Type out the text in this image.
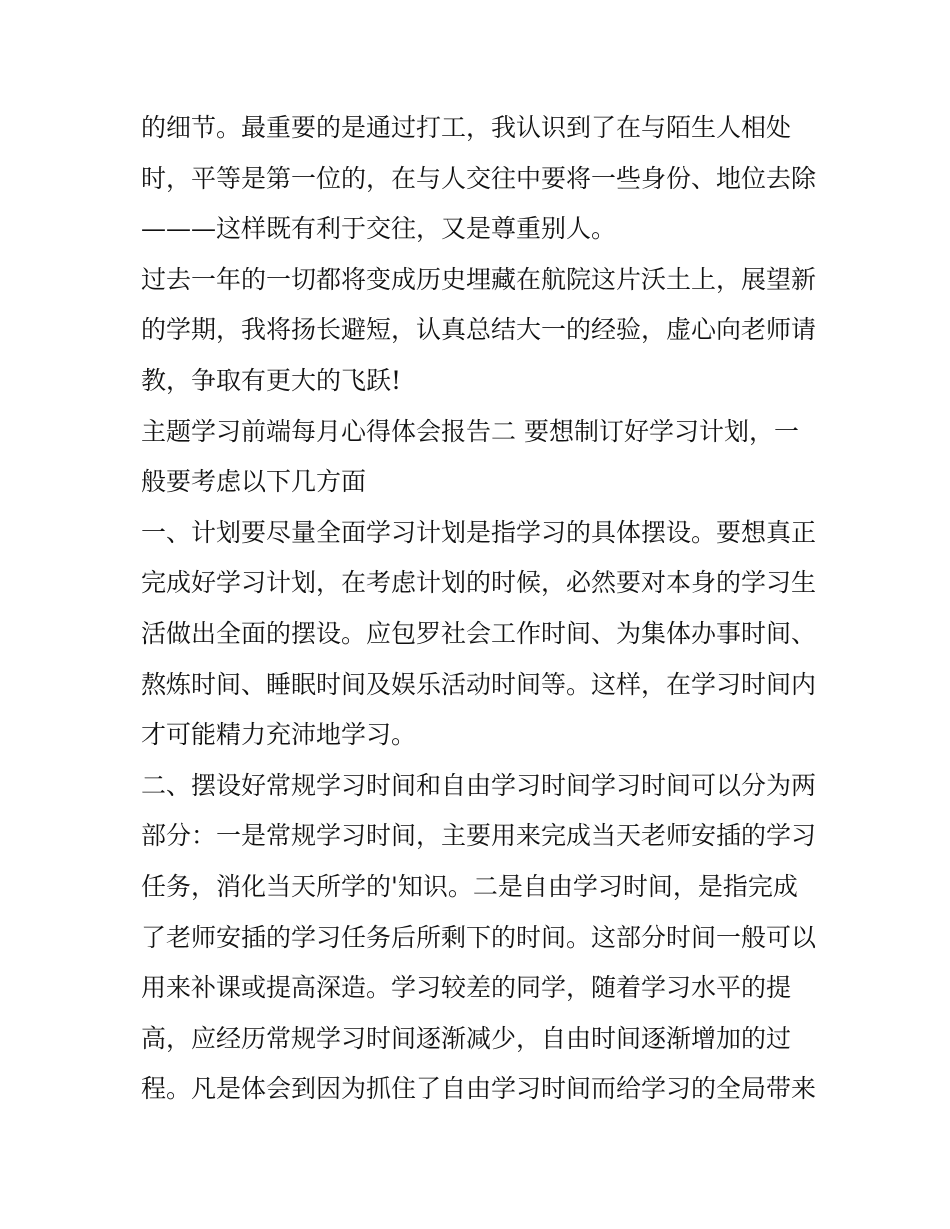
的细节。最重要的是通过打工，我认识到了在与陌生人相处
时，平等是第一位的，在与人交往中要将一些身份、地位去除
———这样既有利于交往，又是尊重别人。
过去一年的一切都将变成历史埋藏在航院这片沃土上，展望新
的学期，我将扬长避短，认真总结大一的经验，虚心向老师请
教，争取有更大的飞跃!
主题学习前端每月心得体会报告二 要想制订好学习计划，一
般要考虑以下几方面
一、计划要尽量全面学习计划是指学习的具体摆设。要想真正
完成好学习计划，在考虑计划的时候，必然要对本身的学习生
活做出全面的摆设。应包罗社会工作时间、为集体办事时间、
熬炼时间、睡眠时间及娱乐活动时间等。这样，在学习时间内
才可能精力充沛地学习。
二、摆设好常规学习时间和自由学习时间学习时间可以分为两
部分：一是常规学习时间，主要用来完成当天老师安插的学习
任务，消化当天所学的'知识。二是自由学习时间，是指完成
了老师安插的学习任务后所剩下的时间。这部分时间一般可以
用来补课或提高深造。学习较差的同学，随着学习水平的提
高，应经历常规学习时间逐渐减少，自由时间逐渐增加的过
程。凡是体会到因为抓住了自由学习时间而给学习的全局带来
